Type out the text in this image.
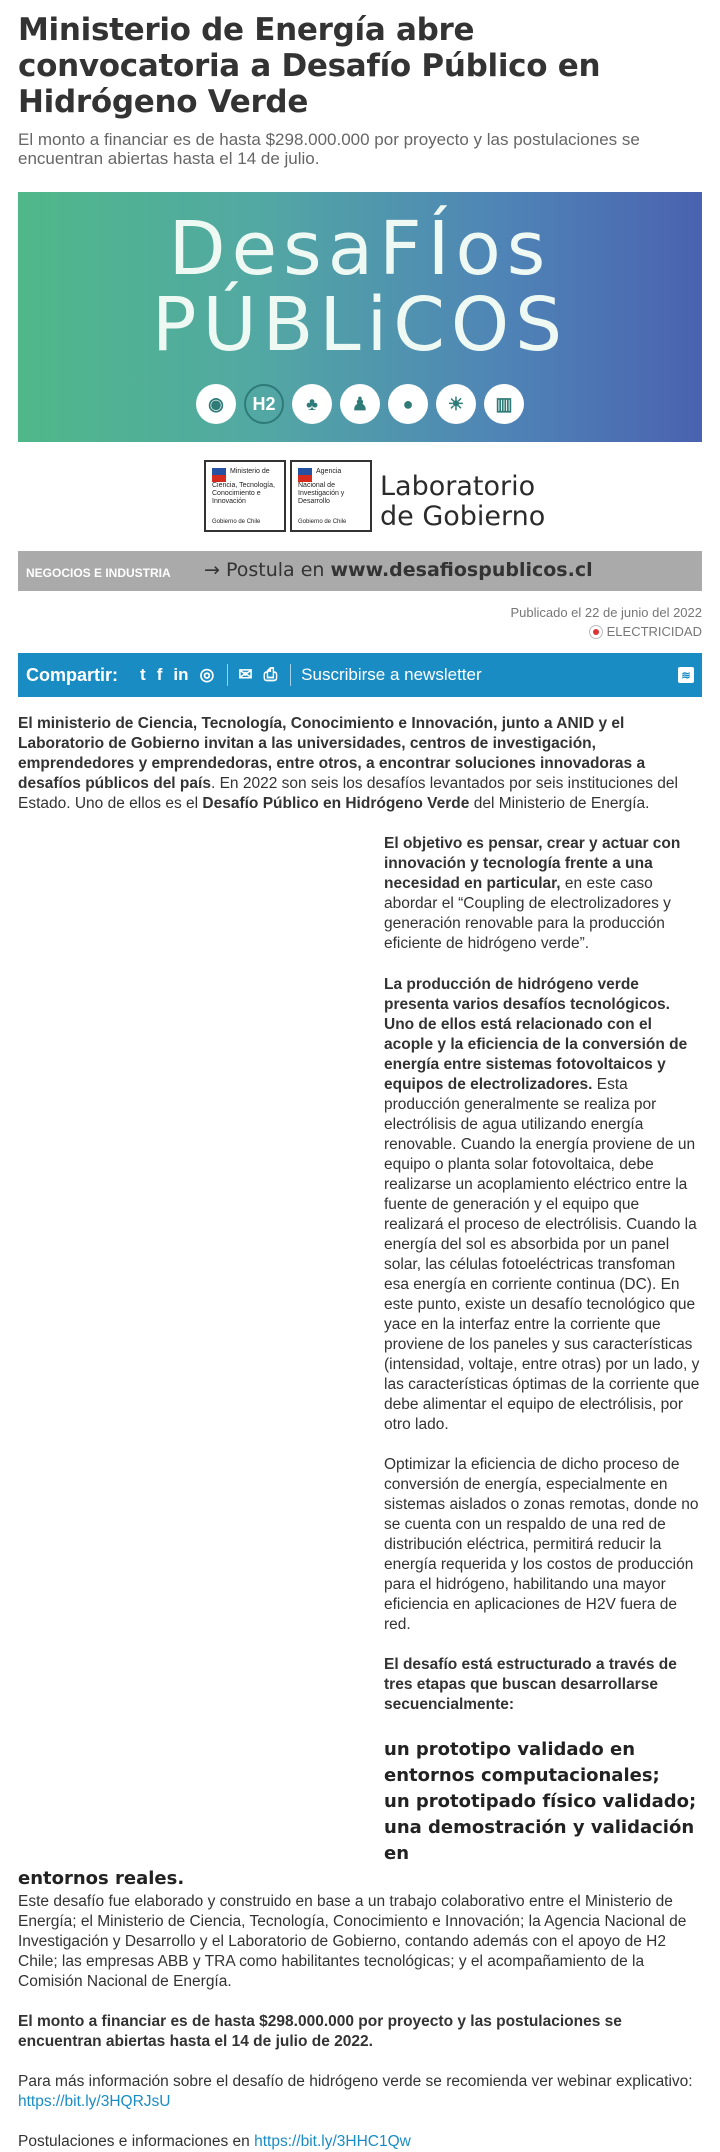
Ministerio de Energía abre convocatoria a Desafío Público en Hidrógeno Verde

El monto a financiar es de hasta $298.000.000 por proyecto y las postulaciones se encuentran abiertas hasta el 14 de julio.

DesaFÍos
PÚBLiCOS
◉	H2	♣	♟	●	☀	▥
Ministerio de Ciencia, Tecnología, Conocimiento e Innovación
Gobierno de Chile
Agencia Nacional de Investigación y Desarrollo
Gobierno de Chile
Laboratorio
de Gobierno
NEGOCIOS E INDUSTRIA → Postula en www.desafiospublicos.cl
Publicado el 22 de junio del 2022
ELECTRICIDAD
Compartir: t f in ◎ ✉ ⎙ Suscribirse a newsletter	≋

El ministerio de Ciencia, Tecnología, Conocimiento e Innovación, junto a ANID y el Laboratorio de Gobierno invitan a las universidades, centros de investigación, emprendedores y emprendedoras, entre otros, a encontrar soluciones innovadoras a desafíos públicos del país. En 2022 son seis los desafíos levantados por seis instituciones del Estado. Uno de ellos es el Desafío Público en Hidrógeno Verde del Ministerio de Energía.

El objetivo es pensar, crear y actuar con innovación y tecnología frente a una necesidad en particular, en este caso abordar el “Coupling de electrolizadores y generación renovable para la producción eficiente de hidrógeno verde”.

La producción de hidrógeno verde presenta varios desafíos tecnológicos. Uno de ellos está relacionado con el acople y la eficiencia de la conversión de energía entre sistemas fotovoltaicos y equipos de electrolizadores. Esta producción generalmente se realiza por electrólisis de agua utilizando energía renovable. Cuando la energía proviene de un equipo o planta solar fotovoltaica, debe realizarse un acoplamiento eléctrico entre la fuente de generación y el equipo que realizará el proceso de electrólisis. Cuando la energía del sol es absorbida por un panel solar, las células fotoeléctricas transfoman esa energía en corriente continua (DC). En este punto, existe un desafío tecnológico que yace en la interfaz entre la corriente que proviene de los paneles y sus características (intensidad, voltaje, entre otras) por un lado, y las características óptimas de la corriente que debe alimentar el equipo de electrólisis, por otro lado.

Optimizar la eficiencia de dicho proceso de conversión de energía, especialmente en sistemas aislados o zonas remotas, donde no se cuenta con un respaldo de una red de distribución eléctrica, permitirá reducir la energía requerida y los costos de producción para el hidrógeno, habilitando una mayor eficiencia en aplicaciones de H2V fuera de red.

El desafío está estructurado a través de tres etapas que buscan desarrollarse secuencialmente:

un prototipo validado en entornos computacionales;
un prototipado físico validado;
una demostración y validación en
entornos reales.

Este desafío fue elaborado y construido en base a un trabajo colaborativo entre el Ministerio de Energía; el Ministerio de Ciencia, Tecnología, Conocimiento e Innovación; la Agencia Nacional de Investigación y Desarrollo y el Laboratorio de Gobierno, contando además con el apoyo de H2 Chile; las empresas ABB y TRA como habilitantes tecnológicas; y el acompañamiento de la Comisión Nacional de Energía.

El monto a financiar es de hasta $298.000.000 por proyecto y las postulaciones se encuentran abiertas hasta el 14 de julio de 2022.

Para más información sobre el desafío de hidrógeno verde se recomienda ver webinar explicativo: https://bit.ly/3HQRJsU

Postulaciones e informaciones en https://bit.ly/3HHC1Qw
